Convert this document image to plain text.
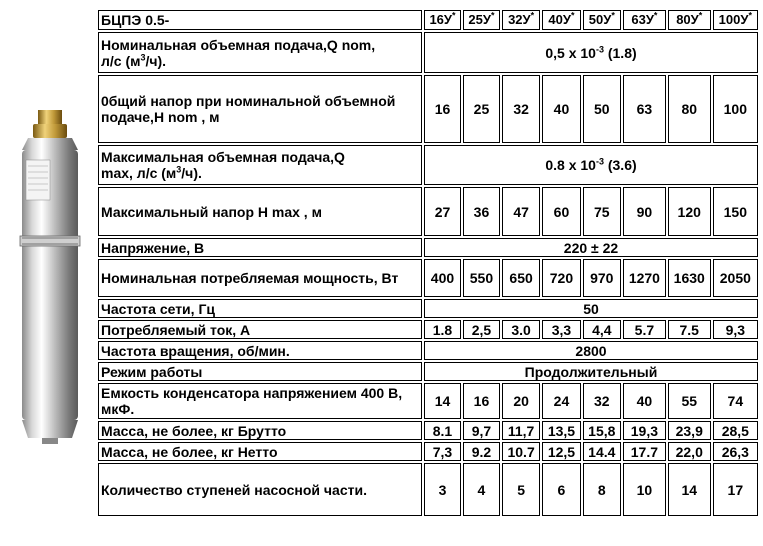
БЦПЭ 0.5-	16У*	25У*	32У*	40У*	50У*	63У*	80У*	100У*
Номинальная объемная подача,Q nom,
л/с $(м^3/ч)$.	0,5 x $10^{-3}$ (1.8)							
0бщий напор при номинальной объемной подаче,H nom , м	16	25	32	40	50	63	80	100
Максимальная объемная подача,Q
max, л/с $(м^3/ч)$.	0.8 x $10^{-3}$ (3.6)							
Максимальный напор H max , м	27	36	47	60	75	90	120	150
Напряжение, В	220 ± 22							
Номинальная потребляемая мощность, Вт	400	550	650	720	970	1270	1630	2050
Частота сети, Гц	50							
Потребляемый ток, А	1.8	2,5	3.0	3,3	4,4	5.7	7.5	9,3
Частота вращения, об/мин.	2800							
Режим работы	Продолжительный							
Емкость конденсатора напряжением 400 В, мкФ.	14	16	20	24	32	40	55	74
Масса, не более, кг Брутто	8.1	9,7	11,7	13,5	15,8	19,3	23,9	28,5
Масса, не более, кг Нетто	7,3	9.2	10.7	12,5	14.4	17.7	22,0	26,3
Количество ступеней насосной части.	3	4	5	6	8	10	14	17
